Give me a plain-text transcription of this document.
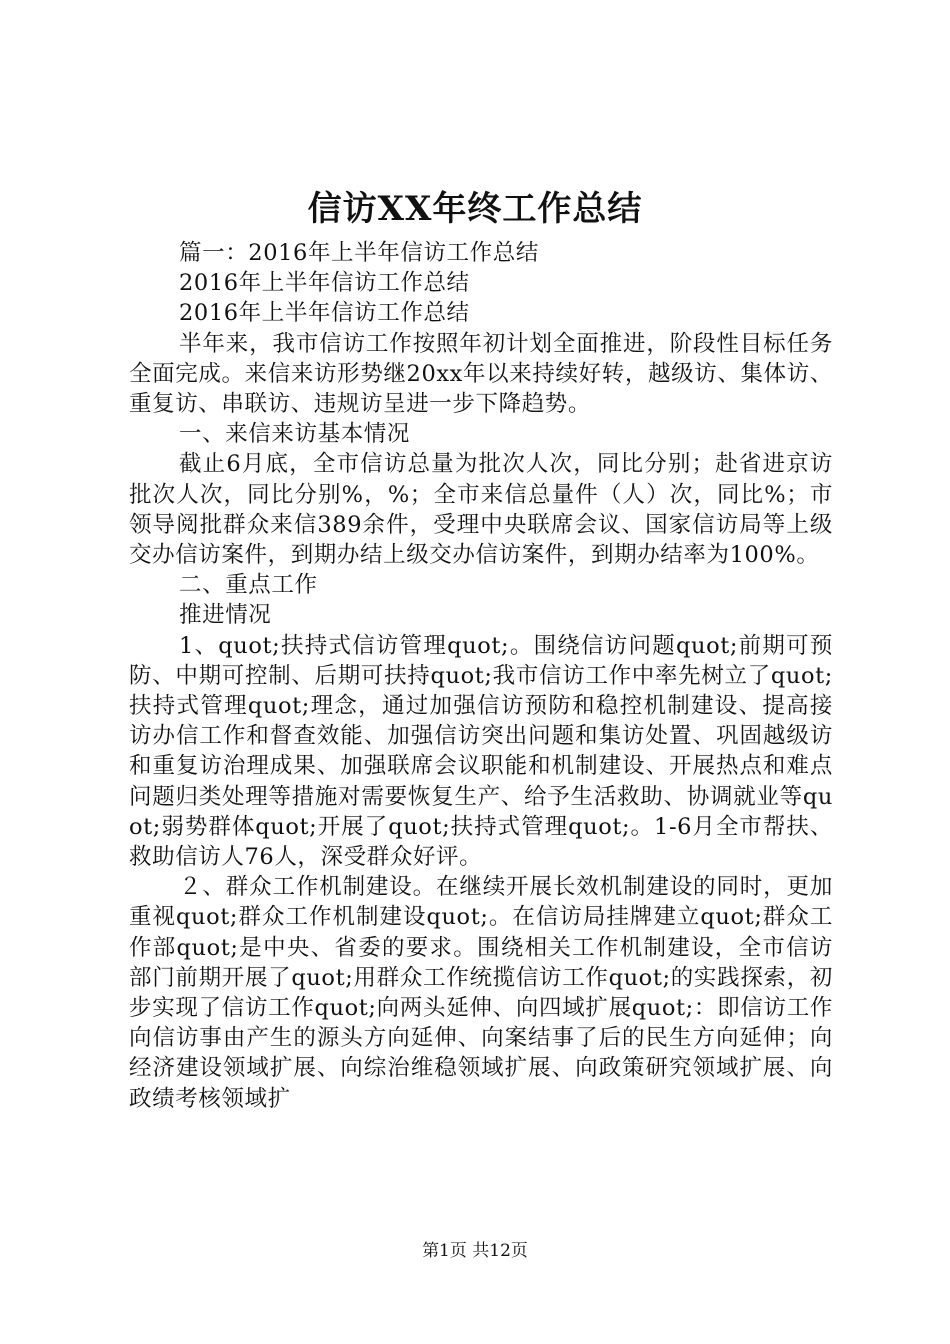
信访XX年终工作总结

篇一：2016年上半年信访工作总结

2016年上半年信访工作总结

2016年上半年信访工作总结

半年来，我市信访工作按照年初计划全面推进，阶段性目标任务全面完成。来信来访形势继20xx年以来持续好转，越级访、集体访、重复访、串联访、违规访呈进一步下降趋势。

一、来信来访基本情况

截止6月底，全市信访总量为批次人次，同比分别；赴省进京访批次人次，同比分别%，%；全市来信总量件（人）次，同比%；市领导阅批群众来信389余件，受理中央联席会议、国家信访局等上级交办信访案件，到期办结上级交办信访案件，到期办结率为100%。

二、重点工作

推进情况

1、quot;扶持式信访管理quot;。围绕信访问题quot;前期可预防、中期可控制、后期可扶持quot;我市信访工作中率先树立了quot;扶持式管理quot;理念，通过加强信访预防和稳控机制建设、提高接访办信工作和督查效能、加强信访突出问题和集访处置、巩固越级访和重复访治理成果、加强联席会议职能和机制建设、开展热点和难点问题归类处理等措施对需要恢复生产、给予生活救助、协调就业等quot;弱势群体quot;开展了quot;扶持式管理quot;。1-6月全市帮扶、救助信访人76人，深受群众好评。

２、群众工作机制建设。在继续开展长效机制建设的同时，更加重视quot;群众工作机制建设quot;。在信访局挂牌建立quot;群众工作部quot;是中央、省委的要求。围绕相关工作机制建设，全市信访部门前期开展了quot;用群众工作统揽信访工作quot;的实践探索，初步实现了信访工作quot;向两头延伸、向四域扩展quot;：即信访工作向信访事由产生的源头方向延伸、向案结事了后的民生方向延伸；向经济建设领域扩展、向综治维稳领域扩展、向政策研究领域扩展、向政绩考核领域扩

第1页 共12页
